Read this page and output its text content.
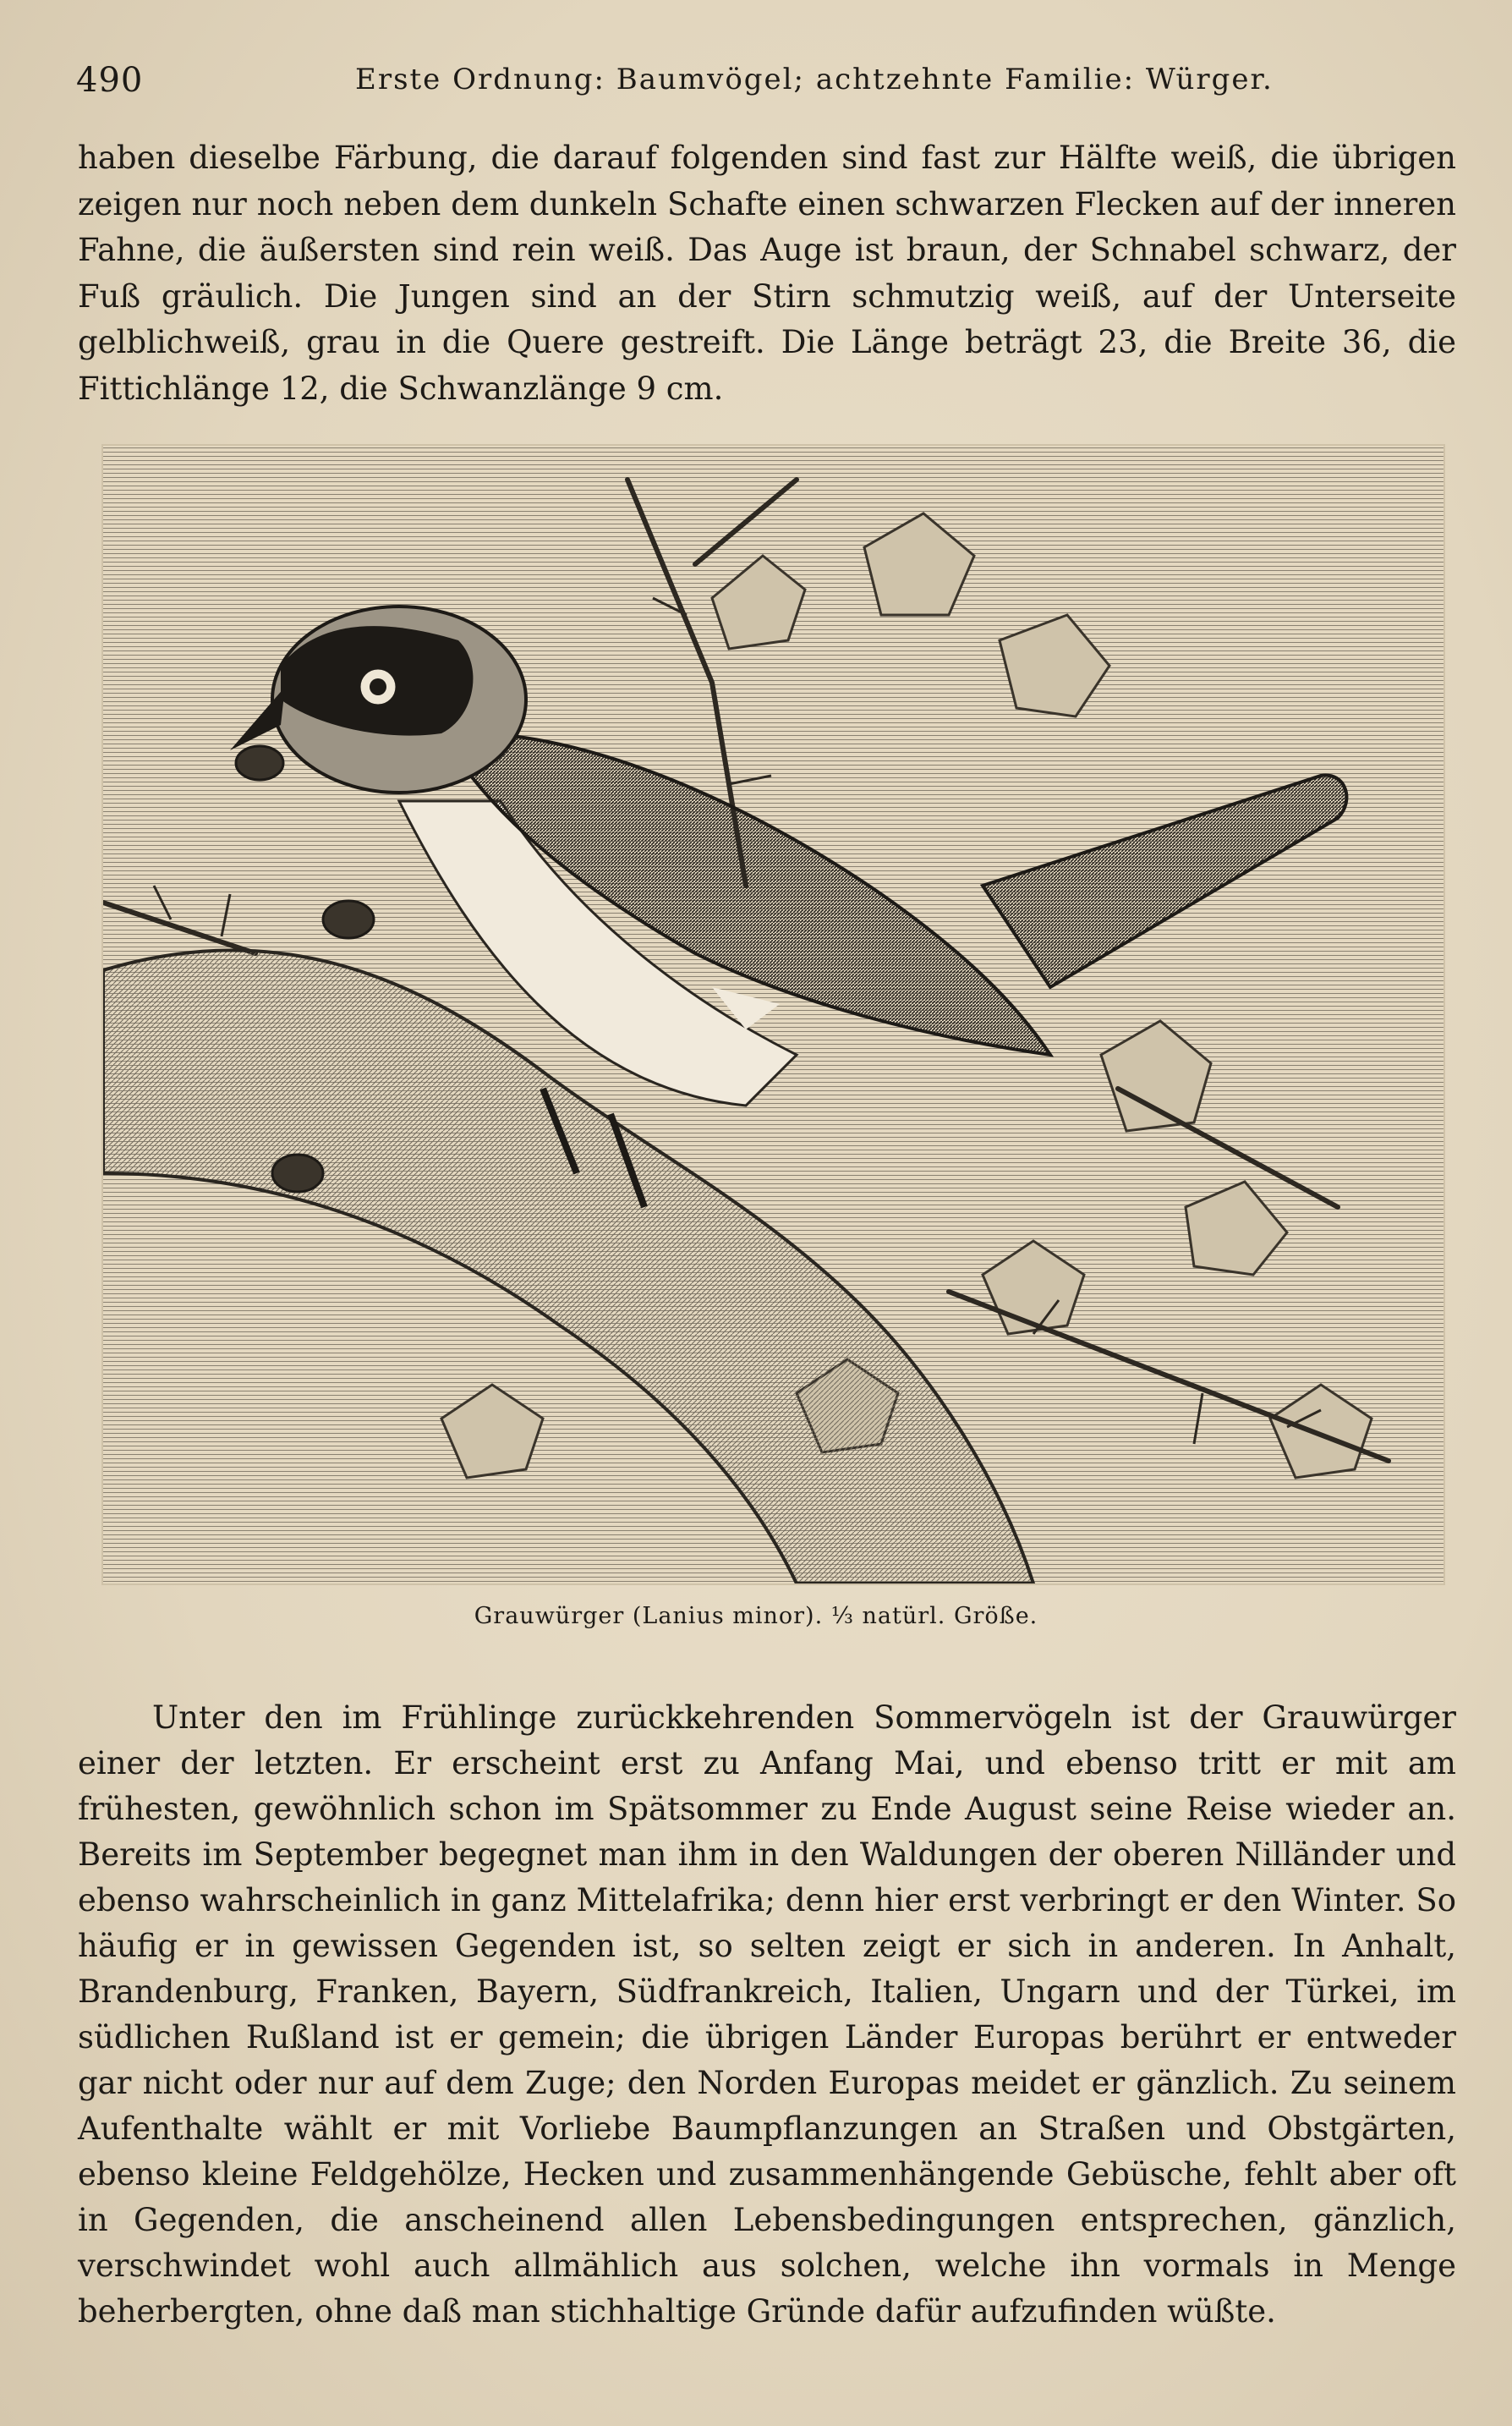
490	Erste Ordnung: Baumvögel; achtzehnte Familie: Würger.

haben dieselbe Färbung, die darauf folgenden sind fast zur Hälfte weiß, die übrigen zeigen nur noch neben dem dunkeln Schafte einen schwarzen Flecken auf der inneren Fahne, die äußersten sind rein weiß. Das Auge ist braun, der Schnabel schwarz, der Fuß gräulich. Die Jungen sind an der Stirn schmutzig weiß, auf der Unterseite gelblichweiß, grau in die Quere gestreift. Die Länge beträgt 23, die Breite 36, die Fittichlänge 12, die Schwanzlänge 9 cm.

Grauwürger (Lanius minor). ⅓ natürl. Größe.

Unter den im Frühlinge zurückkehrenden Sommervögeln ist der Grauwürger einer der letzten. Er erscheint erst zu Anfang Mai, und ebenso tritt er mit am frühesten, gewöhnlich schon im Spätsommer zu Ende August seine Reise wieder an. Bereits im September begegnet man ihm in den Waldungen der oberen Nilländer und ebenso wahrscheinlich in ganz Mittelafrika; denn hier erst verbringt er den Winter. So häufig er in gewissen Gegenden ist, so selten zeigt er sich in anderen. In Anhalt, Brandenburg, Franken, Bayern, Südfrankreich, Italien, Ungarn und der Türkei, im südlichen Rußland ist er gemein; die übrigen Länder Europas berührt er entweder gar nicht oder nur auf dem Zuge; den Norden Europas meidet er gänzlich. Zu seinem Aufenthalte wählt er mit Vorliebe Baumpflanzungen an Straßen und Obstgärten, ebenso kleine Feldgehölze, Hecken und zusammenhängende Gebüsche, fehlt aber oft in Gegenden, die anscheinend allen Lebensbedingungen entsprechen, gänzlich, verschwindet wohl auch allmählich aus solchen, welche ihn vormals in Menge beherbergten, ohne daß man stichhaltige Gründe dafür aufzufinden wüßte.
